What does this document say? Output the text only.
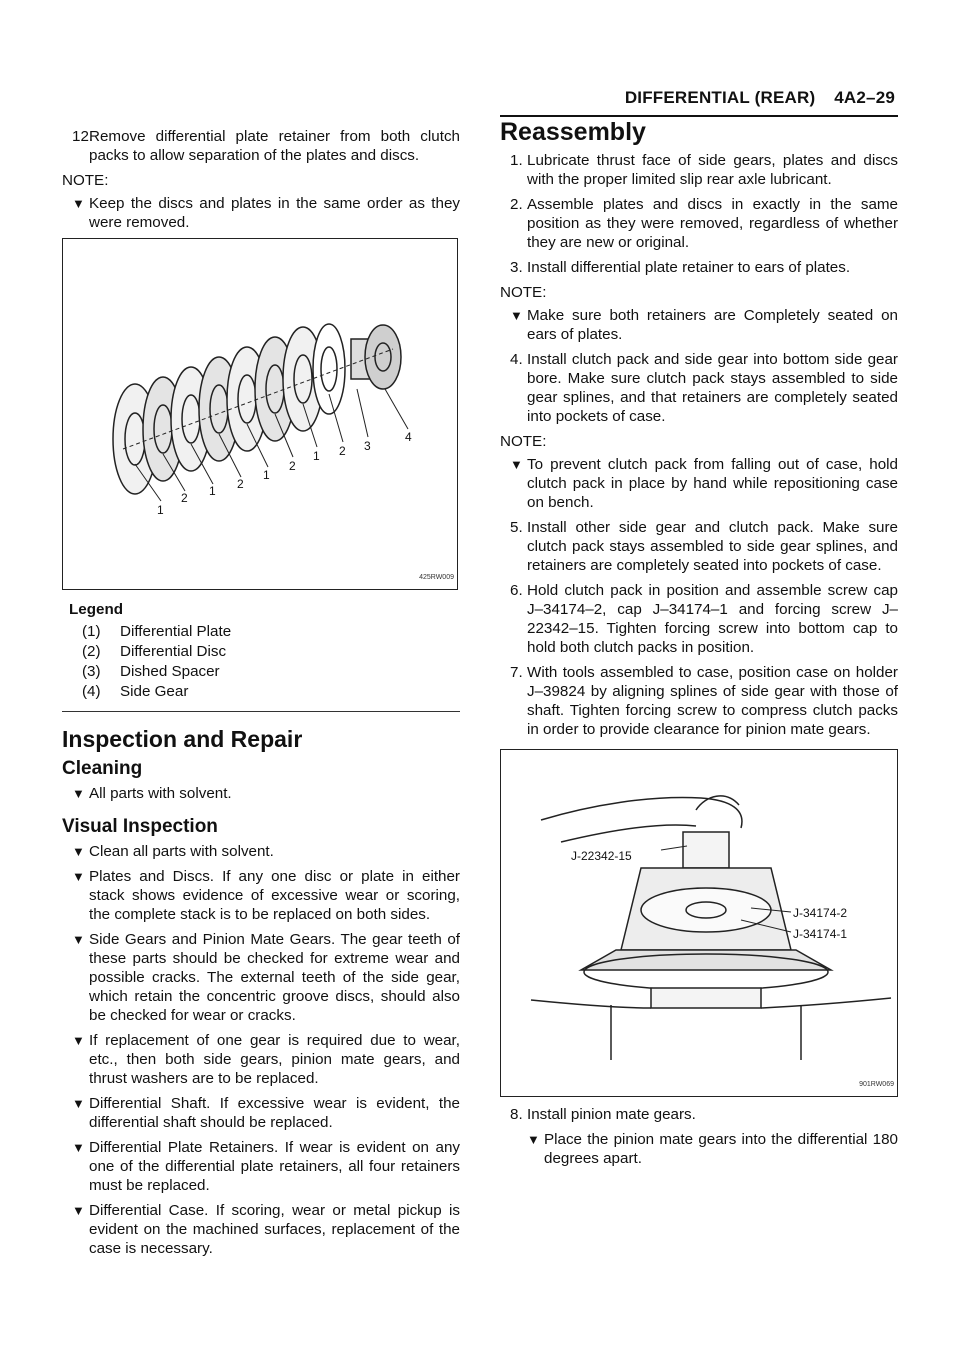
DIFFERENTIAL (REAR) 4A2–29

12.Remove differential plate retainer from both clutch packs to allow separation of the plates and discs.

NOTE:

▼ Keep the discs and plates in the same order as they were removed.

1
2 1 2
1
2
1 2 3
4
425RW009
Legend
(1) Differential Plate
(2) Differential Disc
(3) Dished Spacer
(4) Side Gear
Inspection and Repair
Cleaning

▼ All parts with solvent.

Visual Inspection

▼ Clean all parts with solvent.

▼ Plates and Discs. If any one disc or plate in either stack shows evidence of excessive wear or scoring, the complete stack is to be replaced on both sides.

▼ Side Gears and Pinion Mate Gears. The gear teeth of these parts should be checked for extreme wear and possible cracks. The external teeth of the side gear, which retain the concentric groove discs, should also be checked for wear or cracks.

▼ If replacement of one gear is required due to wear, etc., then both side gears, pinion mate gears, and thrust washers are to be replaced.

▼ Differential Shaft. If excessive wear is evident, the differential shaft should be replaced.

▼ Differential Plate Retainers. If wear is evident on any one of the differential plate retainers, all four retainers must be replaced.

▼ Differential Case. If scoring, wear or metal pickup is evident on the machined surfaces, replacement of the case is necessary.

Reassembly

1. Lubricate thrust face of side gears, plates and discs with the proper limited slip rear axle lubricant.

2. Assemble plates and discs in exactly in the same position as they were removed, regardless of whether they are new or original.

3. Install differential plate retainer to ears of plates.

NOTE:

▼ Make sure both retainers are Completely seated on ears of plates.

4. Install clutch pack and side gear into bottom side gear bore. Make sure clutch pack stays assembled to side gear splines, and that retainers are completely seated into pockets of case.

NOTE:

▼ To prevent clutch pack from falling out of case, hold clutch pack in place by hand while repositioning case on bench.

5. Install other side gear and clutch pack. Make sure clutch pack stays assembled to side gear splines, and retainers are completely seated into pockets of case.

6. Hold clutch pack in position and assemble screw cap J–34174–2, cap J–34174–1 and forcing screw J–22342–15. Tighten forcing screw into bottom cap to hold both clutch packs in position.

7. With tools assembled to case, position case on holder J–39824 by aligning splines of side gear with those of shaft. Tighten forcing screw to compress clutch packs in order to provide clearance for pinion mate gears.

J-22342-15
J-34174-2
J-34174-1
901RW069

8. Install pinion mate gears.

▼ Place the pinion mate gears into the differential 180 degrees apart.
